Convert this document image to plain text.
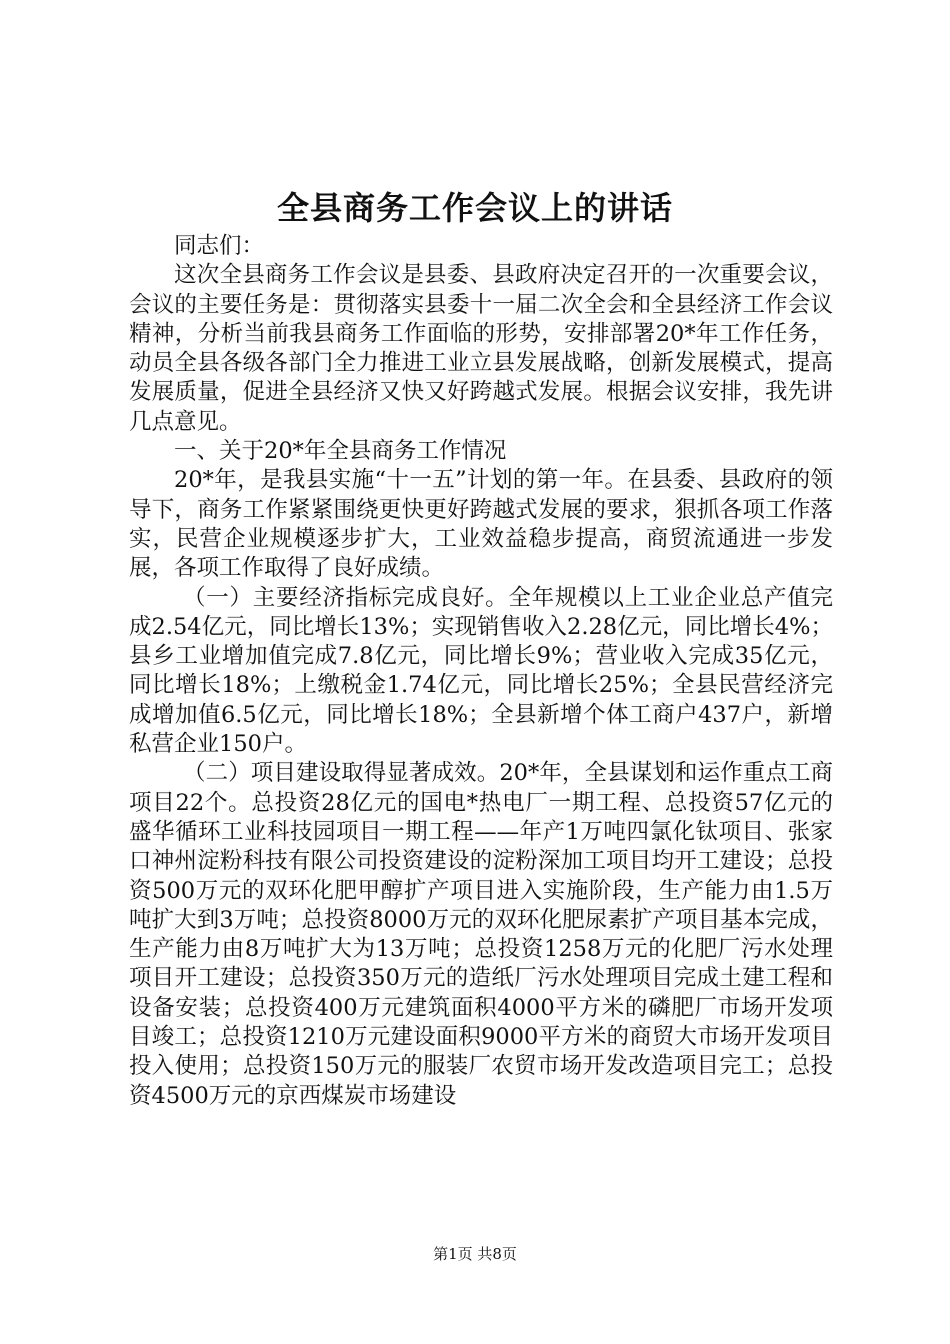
全县商务工作会议上的讲话

同志们：

这次全县商务工作会议是县委、县政府决定召开的一次重要会议，会议的主要任务是：贯彻落实县委十一届二次全会和全县经济工作会议精神，分析当前我县商务工作面临的形势，安排部署20*年工作任务，动员全县各级各部门全力推进工业立县发展战略，创新发展模式，提高发展质量，促进全县经济又快又好跨越式发展。根据会议安排，我先讲几点意见。

一、关于20*年全县商务工作情况

20*年，是我县实施“十一五”计划的第一年。在县委、县政府的领导下，商务工作紧紧围绕更快更好跨越式发展的要求，狠抓各项工作落实，民营企业规模逐步扩大，工业效益稳步提高，商贸流通进一步发展，各项工作取得了良好成绩。

（一）主要经济指标完成良好。全年规模以上工业企业总产值完成2.54亿元，同比增长13%；实现销售收入2.28亿元，同比增长4%；县乡工业增加值完成7.8亿元，同比增长9%；营业收入完成35亿元，同比增长18%；上缴税金1.74亿元，同比增长25%；全县民营经济完成增加值6.5亿元，同比增长18%；全县新增个体工商户437户，新增私营企业150户。

（二）项目建设取得显著成效。20*年，全县谋划和运作重点工商项目22个。总投资28亿元的国电*热电厂一期工程、总投资57亿元的盛华循环工业科技园项目一期工程——年产1万吨四氯化钛项目、张家口神州淀粉科技有限公司投资建设的淀粉深加工项目均开工建设；总投资500万元的双环化肥甲醇扩产项目进入实施阶段，生产能力由1.5万吨扩大到3万吨；总投资8000万元的双环化肥尿素扩产项目基本完成，生产能力由8万吨扩大为13万吨；总投资1258万元的化肥厂污水处理项目开工建设；总投资350万元的造纸厂污水处理项目完成土建工程和设备安装；总投资400万元建筑面积4000平方米的磷肥厂市场开发项目竣工；总投资1210万元建设面积9000平方米的商贸大市场开发项目投入使用；总投资150万元的服装厂农贸市场开发改造项目完工；总投资4500万元的京西煤炭市场建设

第1页 共8页
